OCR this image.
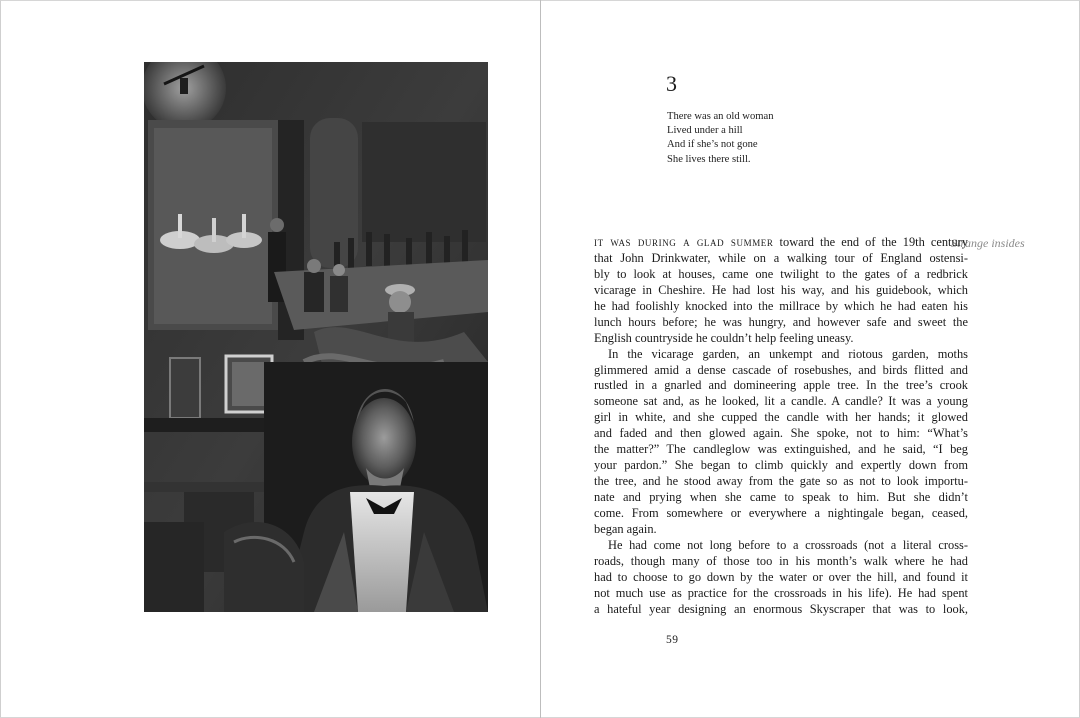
3
There was an old woman
Lived under a hill
And if she’s not gone
She lives there still.
Strange insides
it was during a glad summer toward the end of the 19th century
that John Drinkwater, while on a walking tour of England ostensi-
bly to look at houses, came one twilight to the gates of a redbrick
vicarage in Cheshire. He had lost his way, and his guidebook, which
he had foolishly knocked into the millrace by which he had eaten his
lunch hours before; he was hungry, and however safe and sweet the
English countryside he couldn’t help feeling uneasy.
In the vicarage garden, an unkempt and riotous garden, moths
glimmered amid a dense cascade of rosebushes, and birds flitted and
rustled in a gnarled and domineering apple tree. In the tree’s crook
someone sat and, as he looked, lit a candle. A candle? It was a young
girl in white, and she cupped the candle with her hands; it glowed
and faded and then glowed again. She spoke, not to him: “What’s
the matter?” The candleglow was extinguished, and he said, “I beg
your pardon.” She began to climb quickly and expertly down from
the tree, and he stood away from the gate so as not to look importu-
nate and prying when she came to speak to him. But she didn’t
come. From somewhere or everywhere a nightingale began, ceased,
began again.
He had come not long before to a crossroads (not a literal cross-
roads, though many of those too in his month’s walk where he had
had to choose to go down by the water or over the hill, and found it
not much use as practice for the crossroads in his life). He had spent
a hateful year designing an enormous Skyscraper that was to look,
59
